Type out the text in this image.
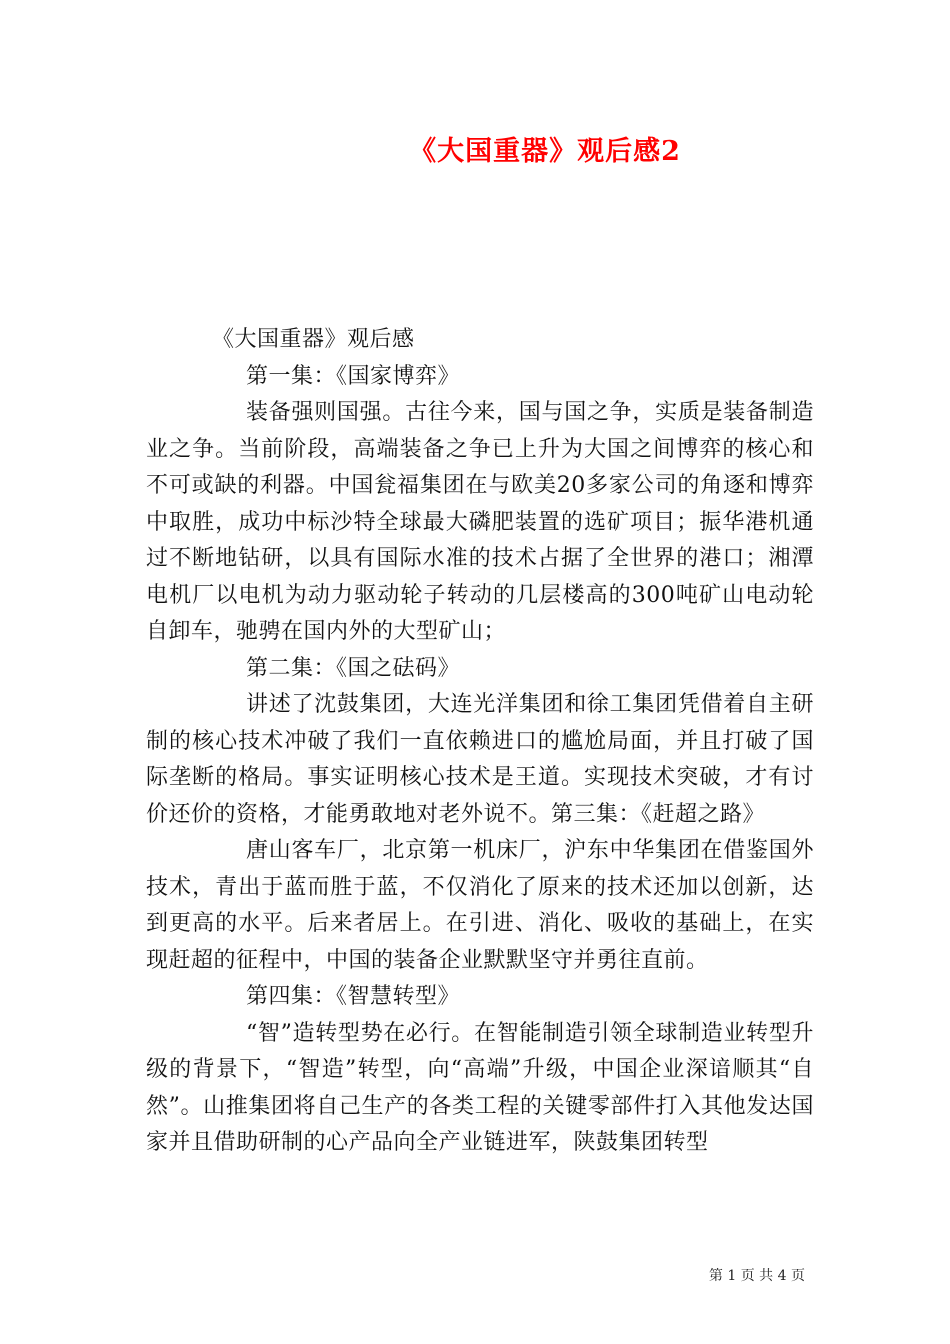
《大国重器》观后感2

《大国重器》观后感

第一集：《国家博弈》

装备强则国强。古往今来，国与国之争，实质是装备制造业之争。当前阶段，高端装备之争已上升为大国之间博弈的核心和不可或缺的利器。中国瓮福集团在与欧美20多家公司的角逐和博弈中取胜，成功中标沙特全球最大磷肥装置的选矿项目；振华港机通过不断地钻研，以具有国际水准的技术占据了全世界的港口；湘潭电机厂以电机为动力驱动轮子转动的几层楼高的300吨矿山电动轮自卸车，驰骋在国内外的大型矿山；

第二集：《国之砝码》

讲述了沈鼓集团，大连光洋集团和徐工集团凭借着自主研制的核心技术冲破了我们一直依赖进口的尴尬局面，并且打破了国际垄断的格局。事实证明核心技术是王道。实现技术突破，才有讨价还价的资格，才能勇敢地对老外说不。第三集：《赶超之路》

唐山客车厂，北京第一机床厂，沪东中华集团在借鉴国外技术，青出于蓝而胜于蓝，不仅消化了原来的技术还加以创新，达到更高的水平。后来者居上。在引进、消化、吸收的基础上，在实现赶超的征程中，中国的装备企业默默坚守并勇往直前。

第四集：《智慧转型》

“智”造转型势在必行。在智能制造引领全球制造业转型升级的背景下，“智造”转型，向“高端”升级，中国企业深谙顺其“自然”。山推集团将自己生产的各类工程的关键零部件打入其他发达国家并且借助研制的心产品向全产业链进军，陕鼓集团转型

第 1 页 共 4 页
